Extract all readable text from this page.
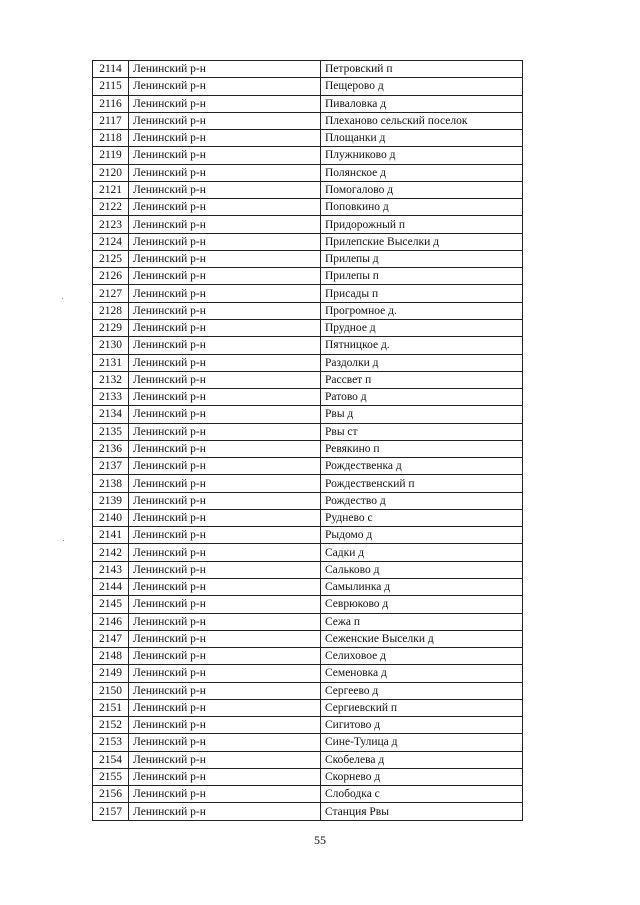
2114	Ленинский р-н	Петровский п
2115	Ленинский р-н	Пещерово д
2116	Ленинский р-н	Пиваловка д
2117	Ленинский р-н	Плеханово сельский поселок
2118	Ленинский р-н	Площанки д
2119	Ленинский р-н	Плужниково д
2120	Ленинский р-н	Полянское д
2121	Ленинский р-н	Помогалово д
2122	Ленинский р-н	Поповкино д
2123	Ленинский р-н	Придорожный п
2124	Ленинский р-н	Прилепские Выселки д
2125	Ленинский р-н	Прилепы д
2126	Ленинский р-н	Прилепы п
2127	Ленинский р-н	Присады п
2128	Ленинский р-н	Прогромное д.
2129	Ленинский р-н	Прудное д
2130	Ленинский р-н	Пятницкое д.
2131	Ленинский р-н	Раздолки д
2132	Ленинский р-н	Рассвет п
2133	Ленинский р-н	Ратово д
2134	Ленинский р-н	Рвы д
2135	Ленинский р-н	Рвы ст
2136	Ленинский р-н	Ревякино п
2137	Ленинский р-н	Рождественка д
2138	Ленинский р-н	Рождественский п
2139	Ленинский р-н	Рождество д
2140	Ленинский р-н	Руднево с
2141	Ленинский р-н	Рыдомо д
2142	Ленинский р-н	Садки д
2143	Ленинский р-н	Сальково д
2144	Ленинский р-н	Самылинка д
2145	Ленинский р-н	Севрюково д
2146	Ленинский р-н	Сежа п
2147	Ленинский р-н	Сеженские Выселки д
2148	Ленинский р-н	Селиховое д
2149	Ленинский р-н	Семеновка д
2150	Ленинский р-н	Сергеево д
2151	Ленинский р-н	Сергиевский п
2152	Ленинский р-н	Сигитово д
2153	Ленинский р-н	Сине-Тулица д
2154	Ленинский р-н	Скобелева д
2155	Ленинский р-н	Скорнево д
2156	Ленинский р-н	Слободка с
2157	Ленинский р-н	Станция Рвы
55
